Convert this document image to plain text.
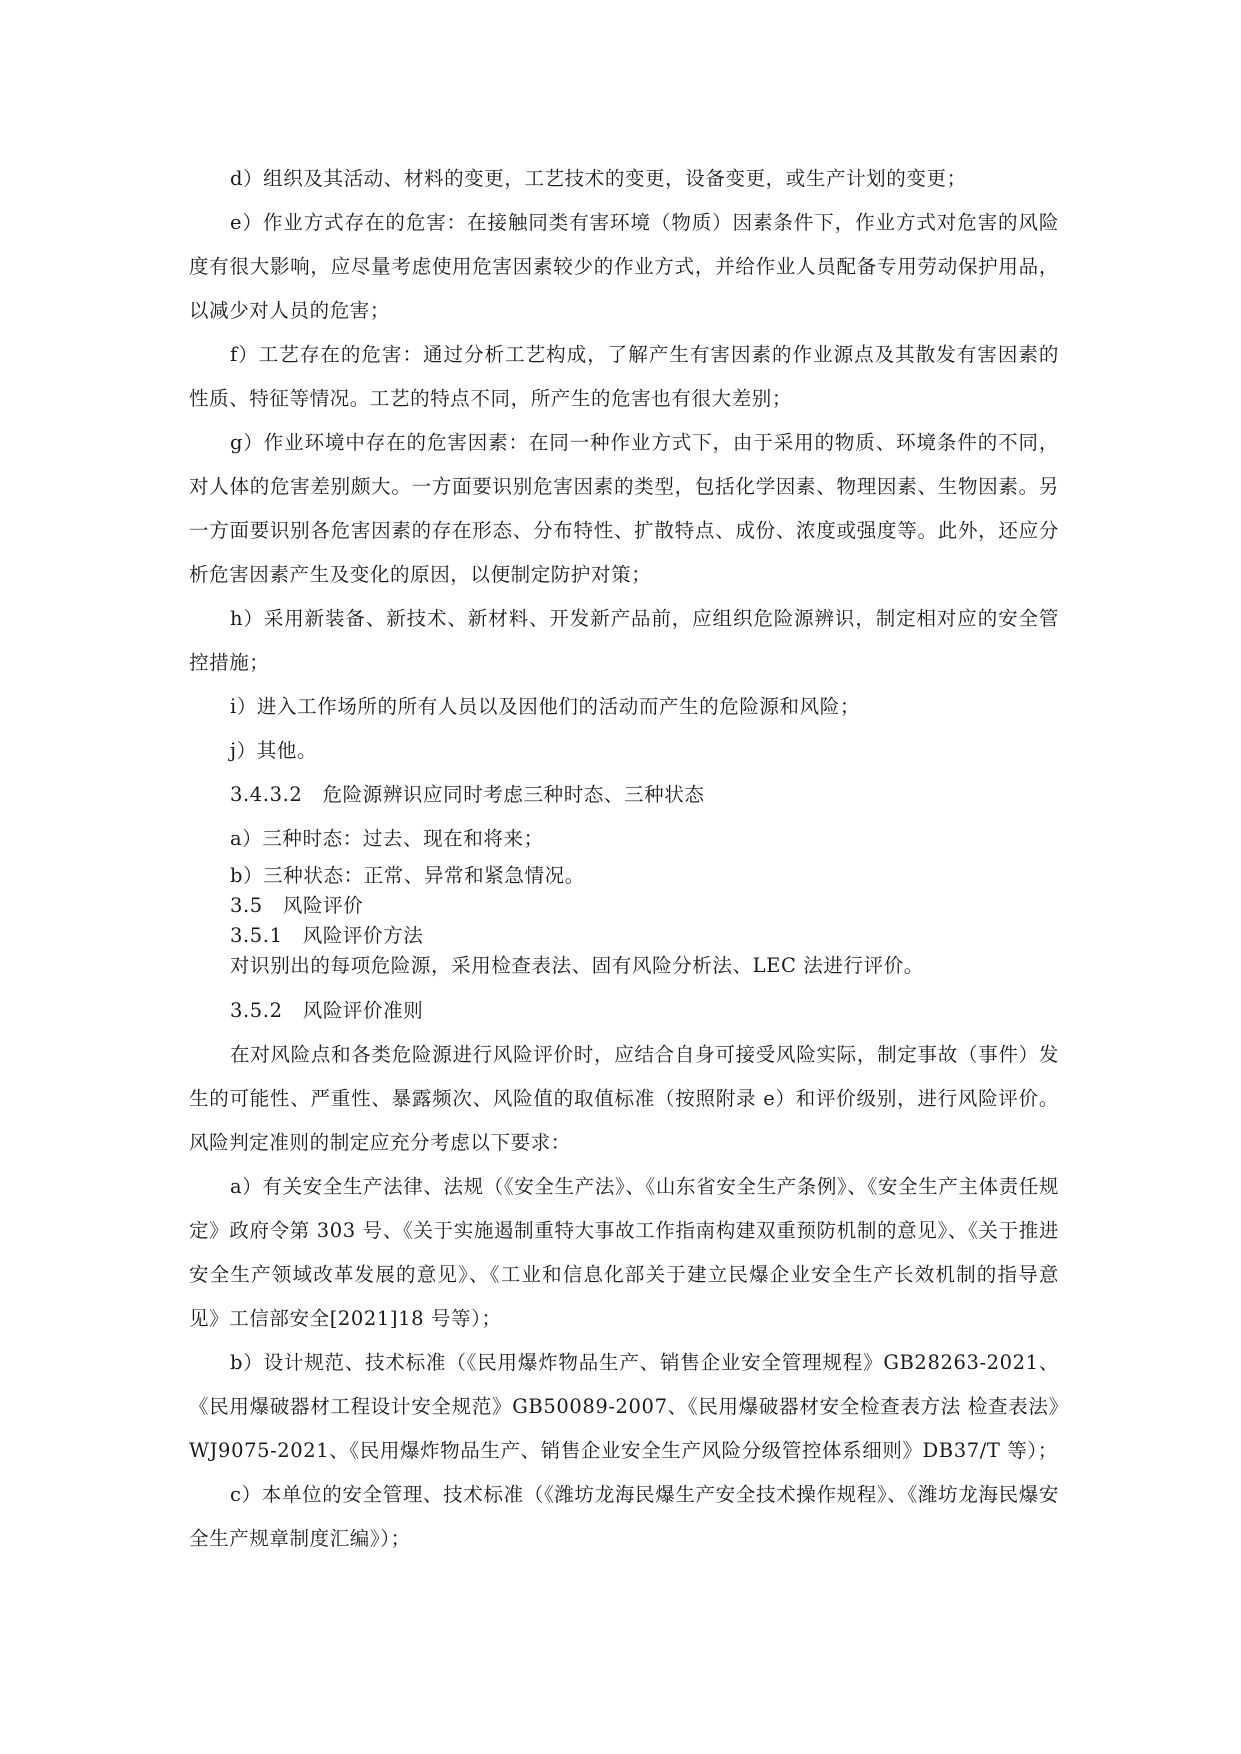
d）组织及其活动、材料的变更，工艺技术的变更，设备变更，或生产计划的变更；

e）作业方式存在的危害：在接触同类有害环境（物质）因素条件下，作业方式对危害的风险度有很大影响，应尽量考虑使用危害因素较少的作业方式，并给作业人员配备专用劳动保护用品，以减少对人员的危害；

f）工艺存在的危害：通过分析工艺构成，了解产生有害因素的作业源点及其散发有害因素的性质、特征等情况。工艺的特点不同，所产生的危害也有很大差别；

g）作业环境中存在的危害因素：在同一种作业方式下，由于采用的物质、环境条件的不同，对人体的危害差别颇大。一方面要识别危害因素的类型，包括化学因素、物理因素、生物因素。另一方面要识别各危害因素的存在形态、分布特性、扩散特点、成份、浓度或强度等。此外，还应分析危害因素产生及变化的原因，以便制定防护对策；

h）采用新装备、新技术、新材料、开发新产品前，应组织危险源辨识，制定相对应的安全管控措施；

i）进入工作场所的所有人员以及因他们的活动而产生的危险源和风险；

j）其他。

3.4.3.2　危险源辨识应同时考虑三种时态、三种状态

a）三种时态：过去、现在和将来；

b）三种状态：正常、异常和紧急情况。

3.5　风险评价

3.5.1　风险评价方法

对识别出的每项危险源，采用检查表法、固有风险分析法、LEC 法进行评价。

3.5.2　风险评价准则

在对风险点和各类危险源进行风险评价时，应结合自身可接受风险实际，制定事故（事件）发生的可能性、严重性、暴露频次、风险值的取值标准（按照附录 e）和评价级别，进行风险评价。风险判定准则的制定应充分考虑以下要求：

a）有关安全生产法律、法规（《安全生产法》、《山东省安全生产条例》、《安全生产主体责任规定》政府令第 303 号、《关于实施遏制重特大事故工作指南构建双重预防机制的意见》、《关于推进安全生产领域改革发展的意见》、《工业和信息化部关于建立民爆企业安全生产长效机制的指导意见》工信部安全[2021]18 号等）；

b）设计规范、技术标准（《民用爆炸物品生产、销售企业安全管理规程》GB28263-2021、《民用爆破器材工程设计安全规范》GB50089-2007、《民用爆破器材安全检查表方法 检查表法》WJ9075-2021、《民用爆炸物品生产、销售企业安全生产风险分级管控体系细则》DB37/T 等）；

c）本单位的安全管理、技术标准（《潍坊龙海民爆生产安全技术操作规程》、《潍坊龙海民爆安全生产规章制度汇编》）；
